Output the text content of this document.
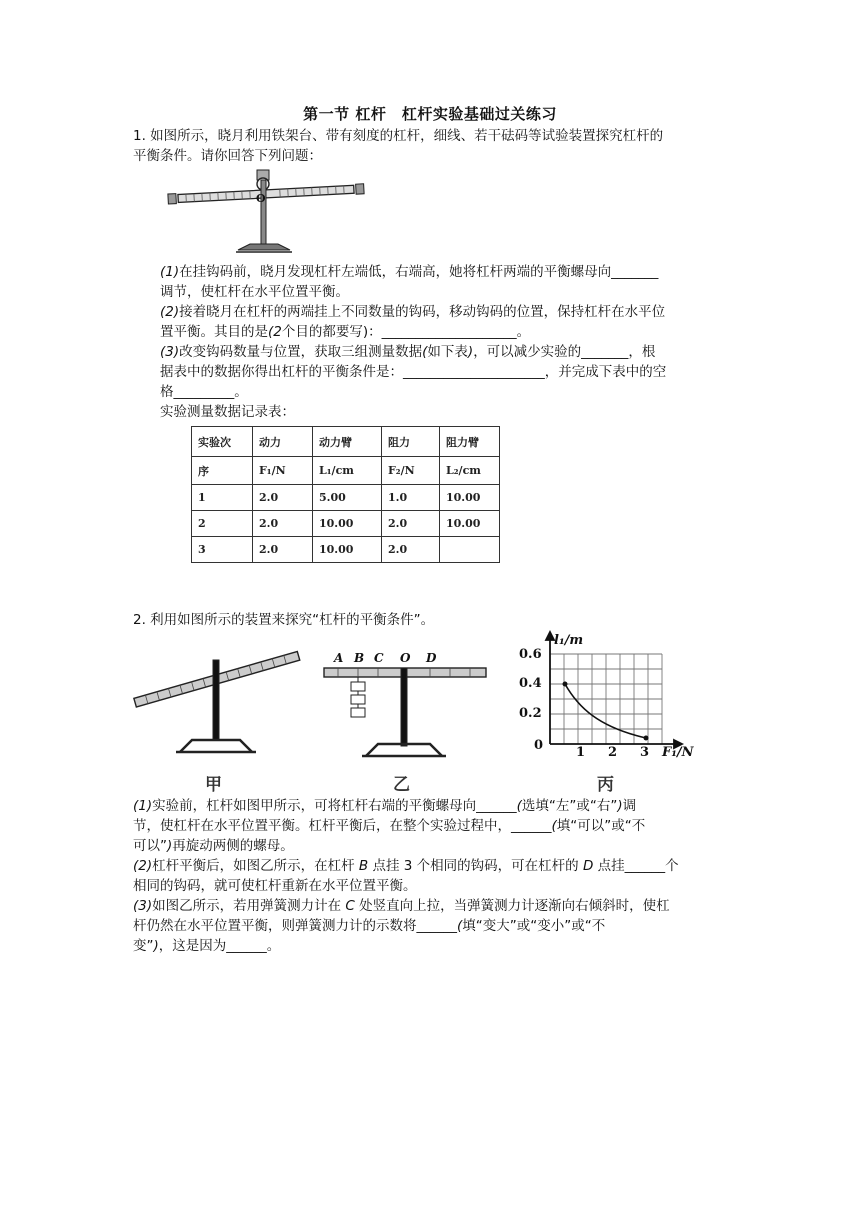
第一节 杠杆　杠杆实验基础过关练习
1. 如图所示，晓月利用铁架台、带有刻度的杠杆，细线、若干砝码等试验装置探究杠杆的
平衡条件。请你回答下列问题：
O
(1)在挂钩码前，晓月发现杠杆左端低，右端高，她将杠杆两端的平衡螺母向_______
调节，使杠杆在水平位置平衡。
(2)接着晓月在杠杆的两端挂上不同数量的钩码，移动钩码的位置，保持杠杆在水平位
置平衡。其目的是(2个目的都要写)：____________________。
(3)改变钩码数量与位置，获取三组测量数据(如下表)，可以减少实验的_______，根
据表中的数据你得出杠杆的平衡条件是：_____________________，并完成下表中的空
格_________。
实验测量数据记录表：
实验次	动力	动力臂	阻力	阻力臂
序	F₁/N	L₁/cm	F₂/N	L₂/cm
1	2.0	5.00	1.0	10.00
2	2.0	10.00	2.0	10.00
3	2.0	10.00	2.0	
2. 利用如图所示的装置来探究“杠杆的平衡条件”。
甲
A B C O D
乙
l₁/m
0.6
0.4
0.2
0	1 2 3 F₁/N
丙
(1)实验前，杠杆如图甲所示，可将杠杆右端的平衡螺母向______(选填“左”或“右”)调
节，使杠杆在水平位置平衡。杠杆平衡后，在整个实验过程中，______(填“可以”或“不
可以”)再旋动两侧的螺母。
(2)杠杆平衡后，如图乙所示，在杠杆 B 点挂 3 个相同的钩码，可在杠杆的 D 点挂______个
相同的钩码，就可使杠杆重新在水平位置平衡。
(3)如图乙所示，若用弹簧测力计在 C 处竖直向上拉，当弹簧测力计逐渐向右倾斜时，使杠
杆仍然在水平位置平衡，则弹簧测力计的示数将______(填“变大”或“变小”或“不
变”)，这是因为______。
